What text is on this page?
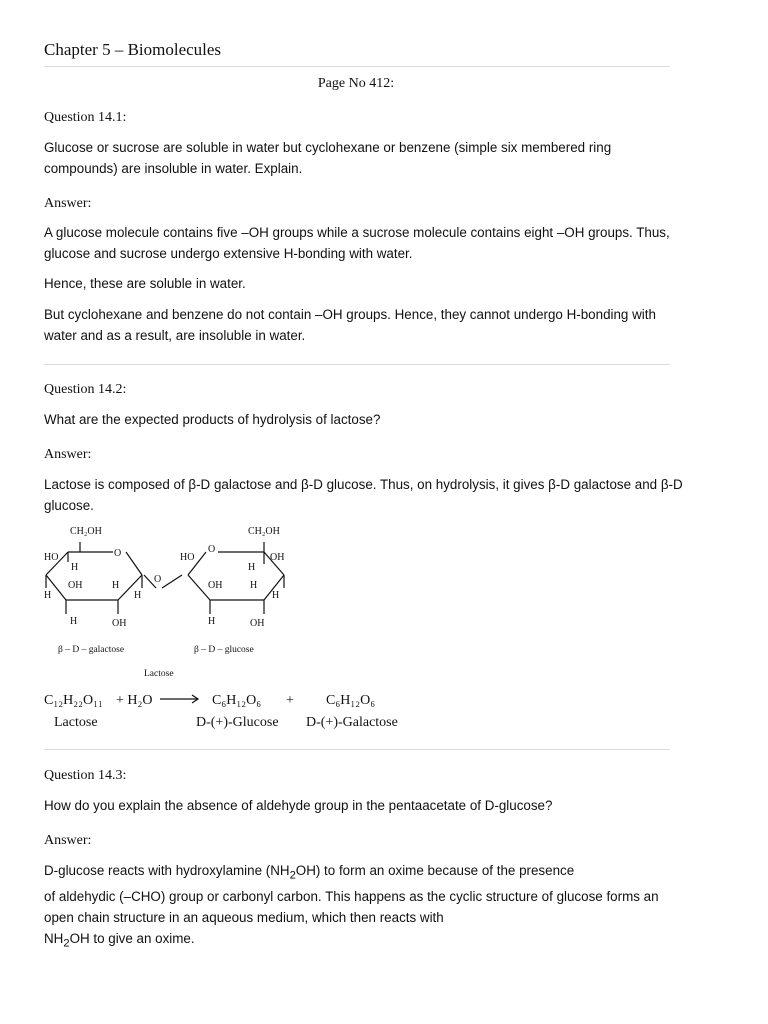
Chapter 5 – Biomolecules
Page No 412:
Question 14.1:
Glucose or sucrose are soluble in water but cyclohexane or benzene (simple six membered ring compounds) are insoluble in water. Explain.
Answer:
A glucose molecule contains five –OH groups while a sucrose molecule contains eight –OH groups. Thus, glucose and sucrose undergo extensive H-bonding with water.
Hence, these are soluble in water.
But cyclohexane and benzene do not contain –OH groups. Hence, they cannot undergo H-bonding with water and as a result, are insoluble in water.
Question 14.2:
What are the expected products of hydrolysis of lactose?
Answer:
Lactose is composed of β-D galactose and β-D glucose. Thus, on hydrolysis, it gives β-D galactose and β-D glucose.
CH₂OH
HO	O
H
OH	H
H
H
H	OH
O
β – D – galactose
CH₂OH
HO
O
OH
H
OH	H
H
H	OH
β – D – glucose
Lactose
C₁₂H₂₂O₁₁ + H₂O	C₆H₁₂O₆ + C₆H₁₂O₆
Lactose	D-(+)-Glucose D-(+)-Galactose
Question 14.3:
How do you explain the absence of aldehyde group in the pentaacetate of D-glucose?
Answer:
D-glucose reacts with hydroxylamine $(NH_2OH)$ to form an oxime because of the presence
of aldehydic (–CHO) group or carbonyl carbon. This happens as the cyclic structure of glucose forms an open chain structure in an aqueous medium, which then reacts with
$NH_2OH$ to give an oxime.
